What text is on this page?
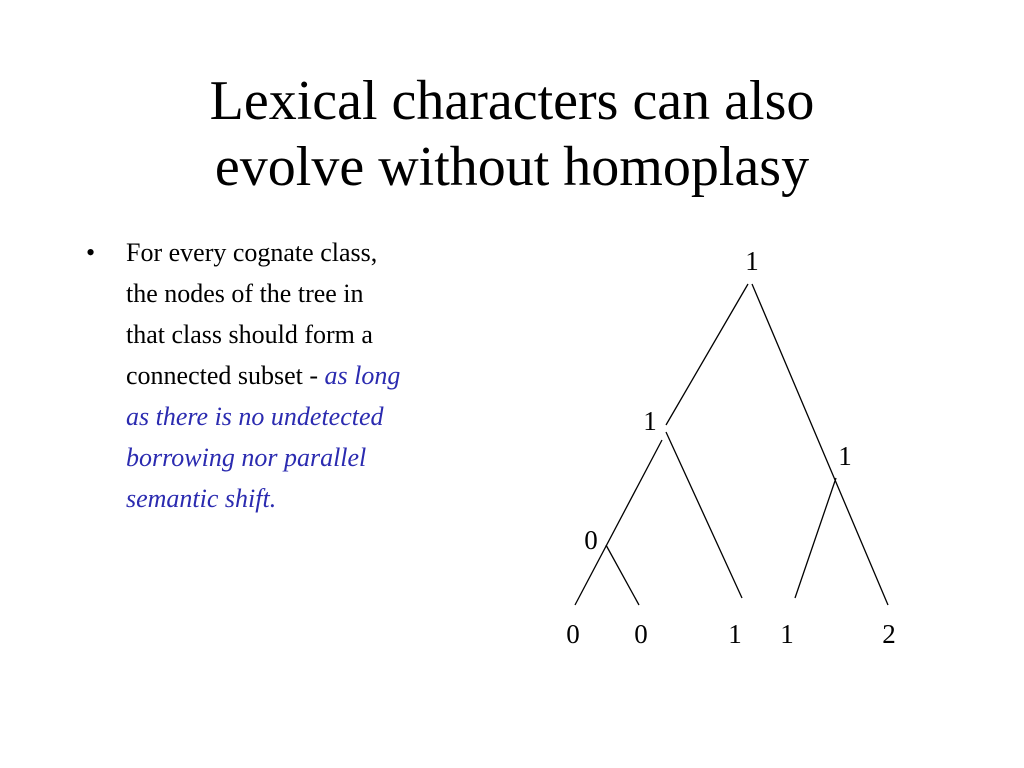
Lexical characters can also
evolve without homoplasy
• For every cognate class,
the nodes of the tree in
that class should form a
connected subset - as long
as there is no undetected
borrowing nor parallel
semantic shift.
1
1
1
0
0 0	1 1	2
